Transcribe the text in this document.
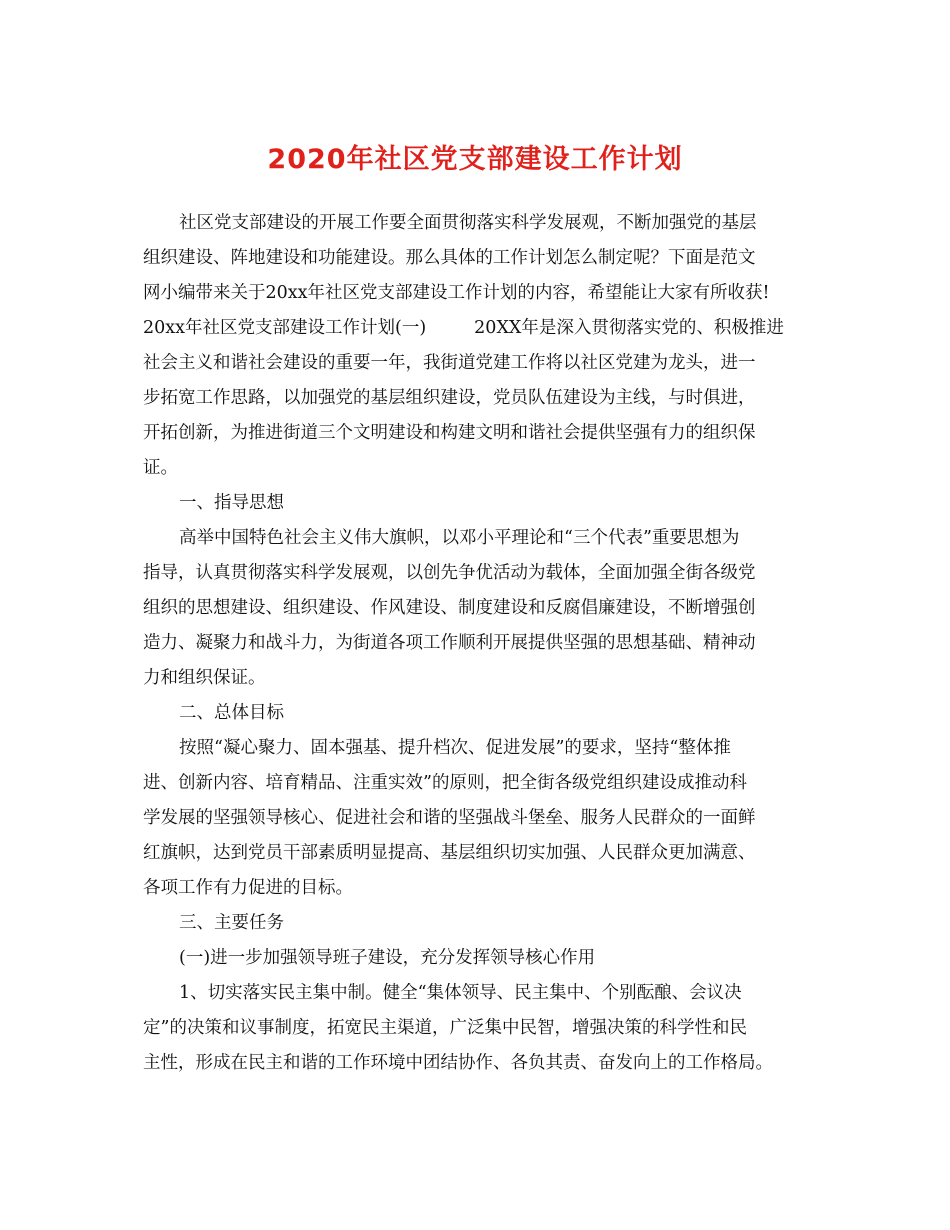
2020年社区党支部建设工作计划
社区党支部建设的开展工作要全面贯彻落实科学发展观，不断加强党的基层
组织建设、阵地建设和功能建设。那么具体的工作计划怎么制定呢？下面是范文
网小编带来关于20xx年社区党支部建设工作计划的内容，希望能让大家有所收获!
20xx年社区党支部建设工作计划(一)	20XX年是深入贯彻落实党的、积极推进
社会主义和谐社会建设的重要一年，我街道党建工作将以社区党建为龙头，进一
步拓宽工作思路，以加强党的基层组织建设，党员队伍建设为主线，与时俱进，
开拓创新，为推进街道三个文明建设和构建文明和谐社会提供坚强有力的组织保
证。
一、指导思想
高举中国特色社会主义伟大旗帜，以邓小平理论和“三个代表”重要思想为
指导，认真贯彻落实科学发展观，以创先争优活动为载体，全面加强全街各级党
组织的思想建设、组织建设、作风建设、制度建设和反腐倡廉建设，不断增强创
造力、凝聚力和战斗力，为街道各项工作顺利开展提供坚强的思想基础、精神动
力和组织保证。
二、总体目标
按照“凝心聚力、固本强基、提升档次、促进发展”的要求，坚持“整体推
进、创新内容、培育精品、注重实效”的原则，把全街各级党组织建设成推动科
学发展的坚强领导核心、促进社会和谐的坚强战斗堡垒、服务人民群众的一面鲜
红旗帜，达到党员干部素质明显提高、基层组织切实加强、人民群众更加满意、
各项工作有力促进的目标。
三、主要任务
(一)进一步加强领导班子建设，充分发挥领导核心作用
1、切实落实民主集中制。健全“集体领导、民主集中、个别酝酿、会议决
定”的决策和议事制度，拓宽民主渠道，广泛集中民智，增强决策的科学性和民
主性，形成在民主和谐的工作环境中团结协作、各负其责、奋发向上的工作格局。
